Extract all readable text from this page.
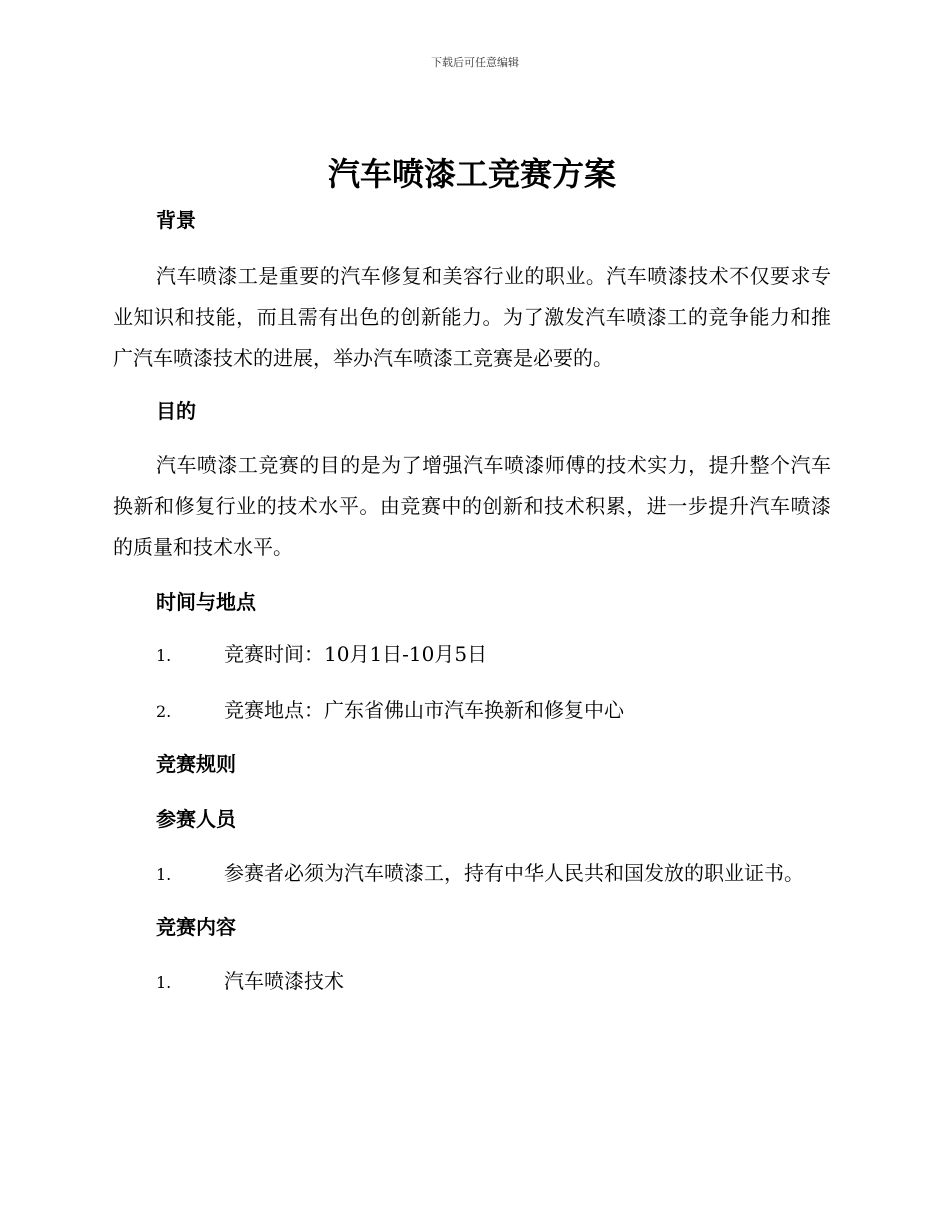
下载后可任意编辑
汽车喷漆工竞赛方案

背景

汽车喷漆工是重要的汽车修复和美容行业的职业。汽车喷漆技术不仅要求专业知识和技能，而且需有出色的创新能力。为了激发汽车喷漆工的竞争能力和推广汽车喷漆技术的进展，举办汽车喷漆工竞赛是必要的。

目的

汽车喷漆工竞赛的目的是为了增强汽车喷漆师傅的技术实力，提升整个汽车换新和修复行业的技术水平。由竞赛中的创新和技术积累，进一步提升汽车喷漆的质量和技术水平。

时间与地点

1.	竞赛时间：10月1日-10月5日

2.	竞赛地点：广东省佛山市汽车换新和修复中心

竞赛规则

参赛人员

1.	参赛者必须为汽车喷漆工，持有中华人民共和国发放的职业证书。

竞赛内容

1.	汽车喷漆技术
